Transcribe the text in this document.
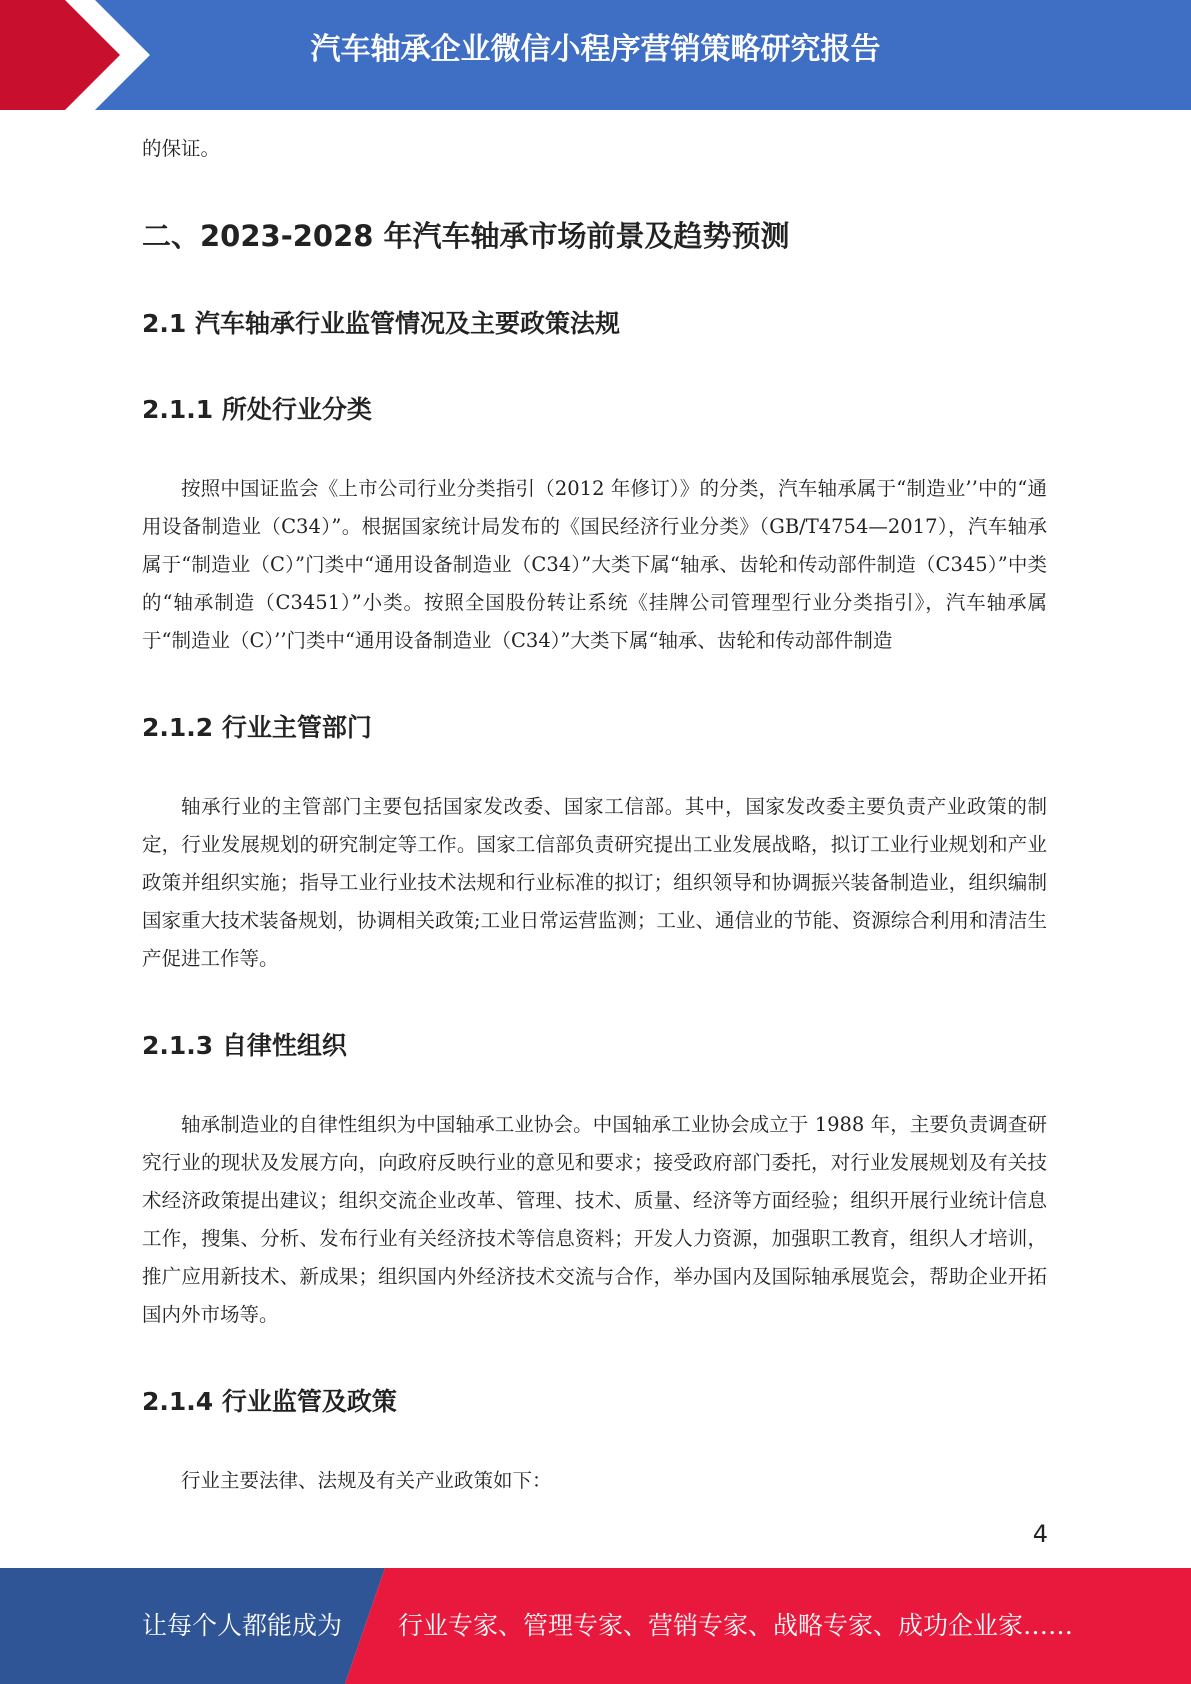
汽车轴承企业微信小程序营销策略研究报告

的保证。

二、2023-2028 年汽车轴承市场前景及趋势预测
2.1 汽车轴承行业监管情况及主要政策法规
2.1.1 所处行业分类

按照中国证监会《上市公司行业分类指引（2012 年修订）》的分类，汽车轴承属于“制造业’’中的“通用设备制造业（C34）”。根据国家统计局发布的《国民经济行业分类》（GB/T4754—2017），汽车轴承属于“制造业（C）”门类中“通用设备制造业（C34）”大类下属“轴承、齿轮和传动部件制造（C345）”中类的“轴承制造（C3451）”小类。按照全国股份转让系统《挂牌公司管理型行业分类指引》，汽车轴承属于“制造业（C）’’门类中“通用设备制造业（C34）”大类下属“轴承、齿轮和传动部件制造

2.1.2 行业主管部门

轴承行业的主管部门主要包括国家发改委、国家工信部。其中，国家发改委主要负责产业政策的制定，行业发展规划的研究制定等工作。国家工信部负责研究提出工业发展战略，拟订工业行业规划和产业政策并组织实施；指导工业行业技术法规和行业标准的拟订；组织领导和协调振兴装备制造业，组织编制国家重大技术装备规划，协调相关政策;工业日常运营监测；工业、通信业的节能、资源综合利用和清洁生产促进工作等。

2.1.3 自律性组织

轴承制造业的自律性组织为中国轴承工业协会。中国轴承工业协会成立于 1988 年，主要负责调查研究行业的现状及发展方向，向政府反映行业的意见和要求；接受政府部门委托，对行业发展规划及有关技术经济政策提出建议；组织交流企业改革、管理、技术、质量、经济等方面经验；组织开展行业统计信息工作，搜集、分析、发布行业有关经济技术等信息资料；开发人力资源，加强职工教育，组织人才培训，推广应用新技术、新成果；组织国内外经济技术交流与合作，举办国内及国际轴承展览会，帮助企业开拓国内外市场等。

2.1.4 行业监管及政策

行业主要法律、法规及有关产业政策如下：

4
让每个人都能成为 行业专家、管理专家、营销专家、战略专家、成功企业家……
